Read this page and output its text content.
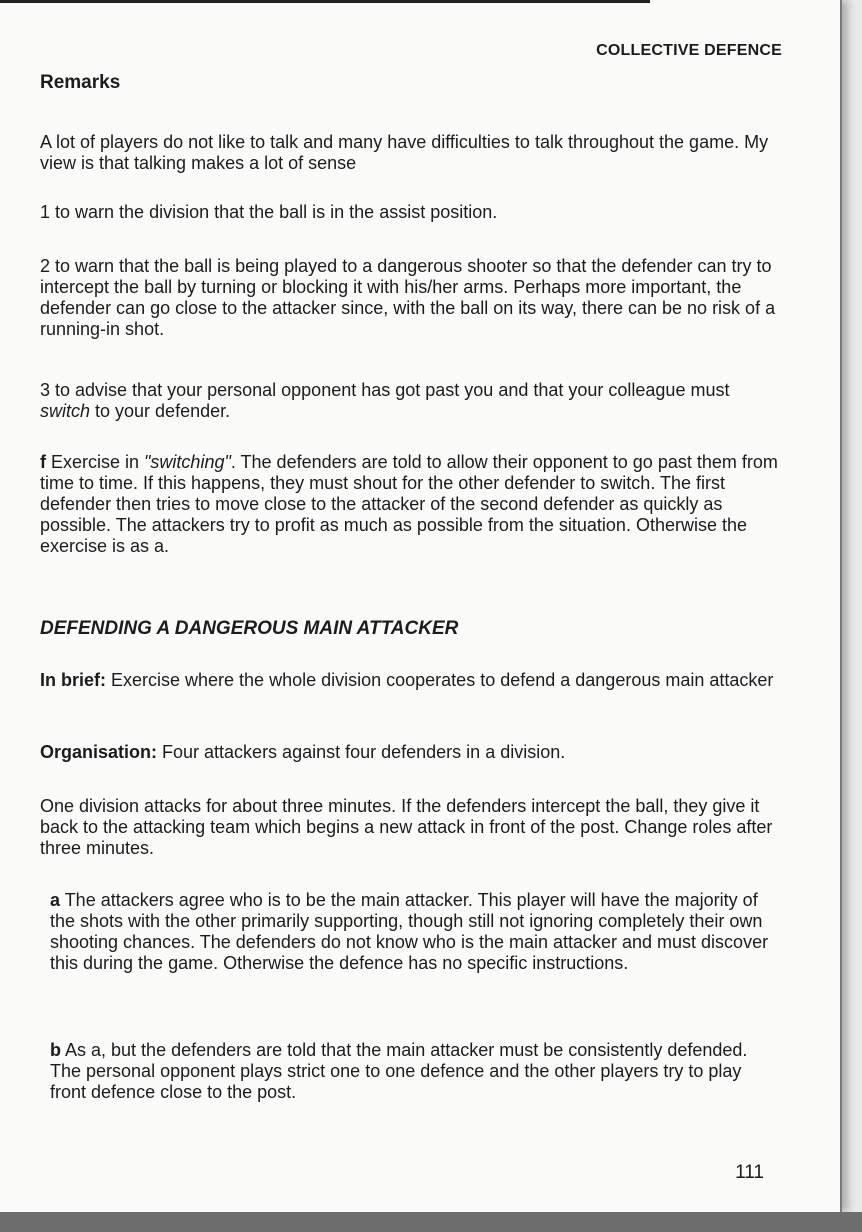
COLLECTIVE DEFENCE
Remarks

A lot of players do not like to talk and many have difficulties to talk throughout the game. My view is that talking makes a lot of sense

1 to warn the division that the ball is in the assist position.

2 to warn that the ball is being played to a dangerous shooter so that the defender can try to intercept the ball by turning or blocking it with his/her arms. Perhaps more important, the defender can go close to the attacker since, with the ball on its way, there can be no risk of a running-in shot.

3 to advise that your personal opponent has got past you and that your colleague must switch to your defender.

f Exercise in "switching". The defenders are told to allow their opponent to go past them from time to time. If this happens, they must shout for the other defender to switch. The first defender then tries to move close to the attacker of the second defender as quickly as possible. The attackers try to profit as much as possible from the situation. Otherwise the exercise is as a.

DEFENDING A DANGEROUS MAIN ATTACKER

In brief: Exercise where the whole division cooperates to defend a dangerous main attacker

Organisation: Four attackers against four defenders in a division.

One division attacks for about three minutes. If the defenders intercept the ball, they give it back to the attacking team which begins a new attack in front of the post. Change roles after three minutes.

a The attackers agree who is to be the main attacker. This player will have the majority of the shots with the other primarily supporting, though still not ignoring completely their own shooting chances. The defenders do not know who is the main attacker and must discover this during the game. Otherwise the defence has no specific instructions.

b As a, but the defenders are told that the main attacker must be consistently defended. The personal opponent plays strict one to one defence and the other players try to play front defence close to the post.

111
